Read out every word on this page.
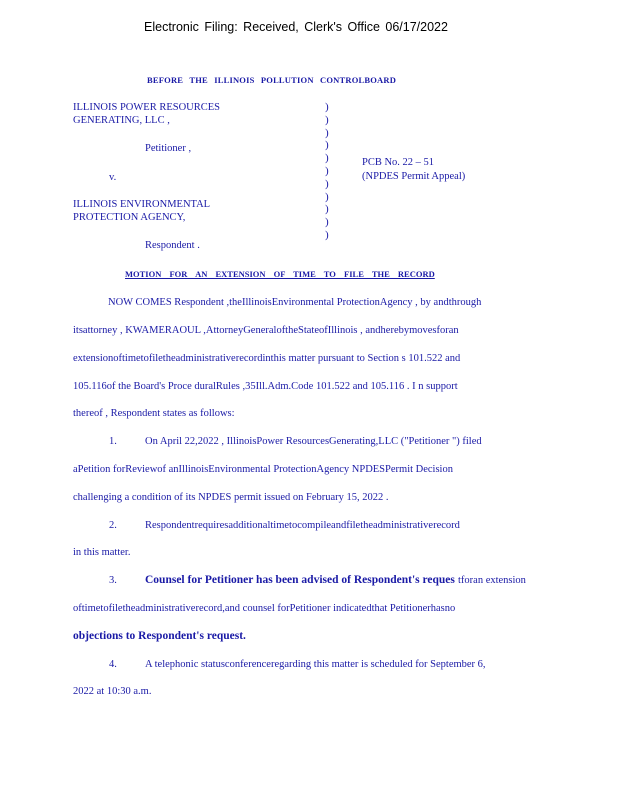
Electronic Filing: Received, Clerk's Office 06/17/2022
BEFORE THE ILLINOIS POLLUTION CONTROLBOARD
ILLINOIS POWER RESOURCES
GENERATING, LLC ,
Petitioner ,
v.
ILLINOIS ENVIRONMENTAL
PROTECTION AGENCY,
Respondent .
)
)
)
)
)
)
)
)
)
)
)
PCB No. 22 – 51
(NPDES Permit Appeal)
MOTION FOR AN EXTENSION OF TIME TO FILE THE RECORD
NOW COMES Respondent ,theIllinoisEnvironmental ProtectionAgency , by andthrough
itsattorney , KWAMERAOUL ,AttorneyGeneraloftheStateofIllinois , andherebymovesforan
extensionoftimetofiletheadministrativerecordinthis matter pursuant to Section s 101.522 and
105.116of the Board's Proce duralRules ,35Ill.Adm.Code 101.522 and 105.116 . I n support
thereof , Respondent states as follows:
1.	On April 22,2022 , IllinoisPower ResourcesGenerating,LLC ("Petitioner ") filed
aPetition forReviewof anIllinoisEnvironmental ProtectionAgency NPDESPermit Decision
challenging a condition of its NPDES permit issued on February 15, 2022 .
2.	Respondentrequiresadditionaltimetocompileandfiletheadministrativerecord
in this matter.
3. Counsel for Petitioner has been advised of Respondent's reques tforan extension
oftimetofiletheadministrativerecord,and counsel forPetitioner indicatedthat Petitionerhasno
objections to Respondent's request.
4.	A telephonic statusconferenceregarding this matter is scheduled for September 6,
2022 at 10:30 a.m.
